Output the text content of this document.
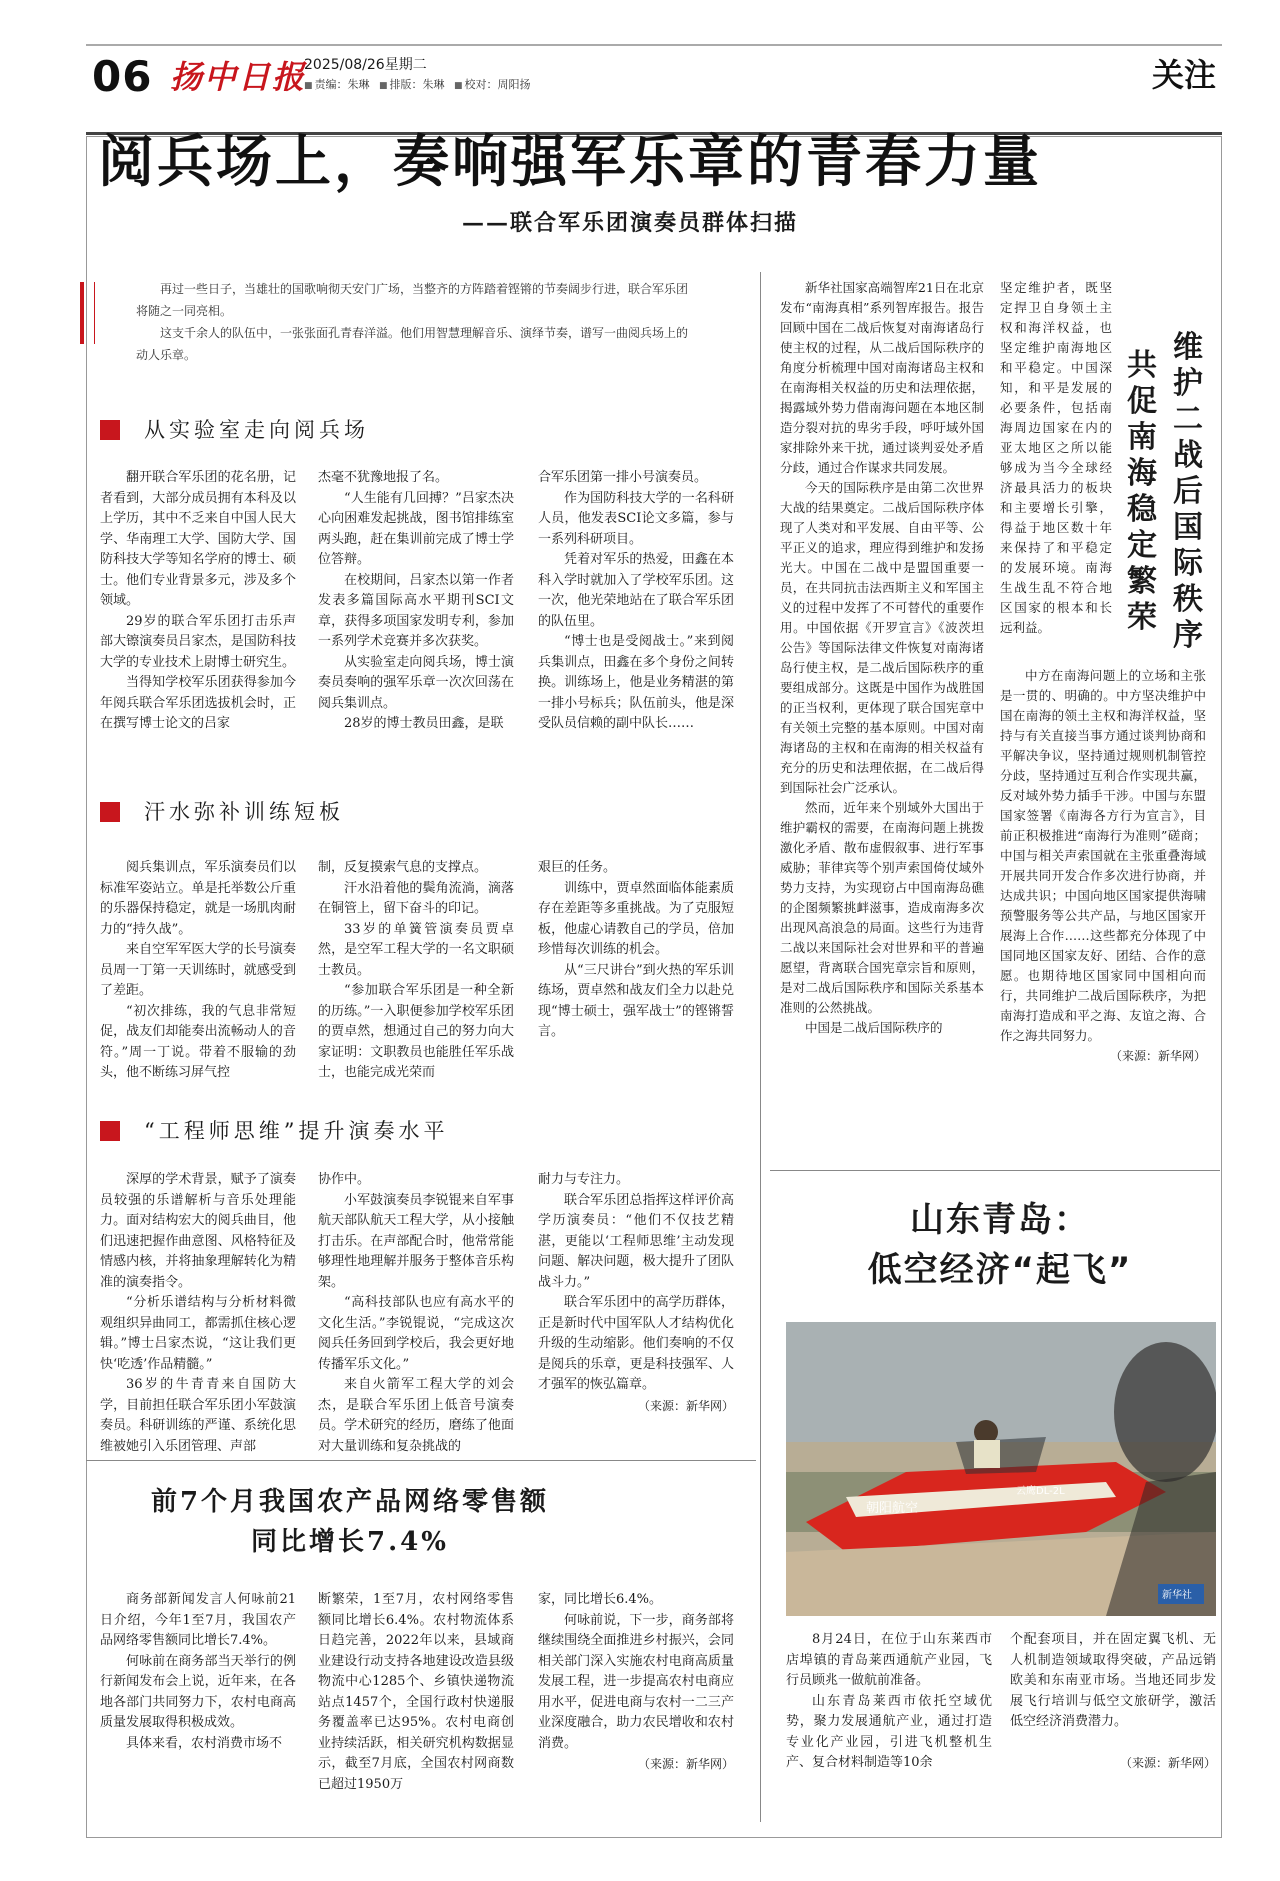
06 扬中日报
2025/08/26星期二
■ 责编：朱琳 ■ 排版：朱琳 ■ 校对：周阳扬	关注
阅兵场上，奏响强军乐章的青春力量
——联合军乐团演奏员群体扫描

再过一些日子，当雄壮的国歌响彻天安门广场，当整齐的方阵踏着铿锵的节奏阔步行进，联合军乐团将随之一同亮相。

这支千余人的队伍中，一张张面孔青春洋溢。他们用智慧理解音乐、演绎节奏，谱写一曲阅兵场上的动人乐章。

从实验室走向阅兵场

翻开联合军乐团的花名册，记者看到，大部分成员拥有本科及以上学历，其中不乏来自中国人民大学、华南理工大学、国防大学、国防科技大学等知名学府的博士、硕士。他们专业背景多元，涉及多个领域。

29岁的联合军乐团打击乐声部大镲演奏员吕家杰，是国防科技大学的专业技术上尉博士研究生。

当得知学校军乐团获得参加今年阅兵联合军乐团选拔机会时，正在撰写博士论文的吕家

杰毫不犹豫地报了名。

“人生能有几回搏？”吕家杰决心向困难发起挑战，图书馆排练室两头跑，赶在集训前完成了博士学位答辩。

在校期间，吕家杰以第一作者发表多篇国际高水平期刊SCI文章，获得多项国家发明专利，参加一系列学术竞赛并多次获奖。

从实验室走向阅兵场，博士演奏员奏响的强军乐章一次次回荡在阅兵集训点。

28岁的博士教员田鑫，是联

合军乐团第一排小号演奏员。

作为国防科技大学的一名科研人员，他发表SCI论文多篇，参与一系列科研项目。

凭着对军乐的热爱，田鑫在本科入学时就加入了学校军乐团。这一次，他光荣地站在了联合军乐团的队伍里。

“博士也是受阅战士。”来到阅兵集训点，田鑫在多个身份之间转换。训练场上，他是业务精湛的第一排小号标兵；队伍前头，他是深受队员信赖的副中队长……

汗水弥补训练短板

阅兵集训点，军乐演奏员们以标准军姿站立。单是托举数公斤重的乐器保持稳定，就是一场肌肉耐力的“持久战”。

来自空军军医大学的长号演奏员周一丁第一天训练时，就感受到了差距。

“初次排练，我的气息非常短促，战友们却能奏出流畅动人的音符。”周一丁说。带着不服输的劲头，他不断练习屏气控

制，反复摸索气息的支撑点。

汗水沿着他的鬓角流淌，滴落在铜管上，留下奋斗的印记。

33岁的单簧管演奏员贾卓然，是空军工程大学的一名文职硕士教员。

“参加联合军乐团是一种全新的历练。”一入职便参加学校军乐团的贾卓然，想通过自己的努力向大家证明：文职教员也能胜任军乐战士，也能完成光荣而

艰巨的任务。

训练中，贾卓然面临体能素质存在差距等多重挑战。为了克服短板，他虚心请教自己的学员，倍加珍惜每次训练的机会。

从“三尺讲台”到火热的军乐训练场，贾卓然和战友们全力以赴兑现“博士硕士，强军战士”的铿锵誓言。

“工程师思维”提升演奏水平

深厚的学术背景，赋予了演奏员较强的乐谱解析与音乐处理能力。面对结构宏大的阅兵曲目，他们迅速把握作曲意图、风格特征及情感内核，并将抽象理解转化为精准的演奏指令。

“分析乐谱结构与分析材料微观组织异曲同工，都需抓住核心逻辑。”博士吕家杰说，“这让我们更快‘吃透’作品精髓。”

36岁的牛青青来自国防大学，目前担任联合军乐团小军鼓演奏员。科研训练的严谨、系统化思维被她引入乐团管理、声部

协作中。

小军鼓演奏员李锐锟来自军事航天部队航天工程大学，从小接触打击乐。在声部配合时，他常常能够理性地理解并服务于整体音乐构架。

“高科技部队也应有高水平的文化生活。”李锐锟说，“完成这次阅兵任务回到学校后，我会更好地传播军乐文化。”

来自火箭军工程大学的刘会杰，是联合军乐团上低音号演奏员。学术研究的经历，磨练了他面对大量训练和复杂挑战的

耐力与专注力。

联合军乐团总指挥这样评价高学历演奏员：“他们不仅技艺精湛，更能以‘工程师思维’主动发现问题、解决问题，极大提升了团队战斗力。”

联合军乐团中的高学历群体，正是新时代中国军队人才结构优化升级的生动缩影。他们奏响的不仅是阅兵的乐章，更是科技强军、人才强军的恢弘篇章。

（来源：新华网）
前7个月我国农产品网络零售额
同比增长7.4%

商务部新闻发言人何咏前21日介绍，今年1至7月，我国农产品网络零售额同比增长7.4%。

何咏前在商务部当天举行的例行新闻发布会上说，近年来，在各地各部门共同努力下，农村电商高质量发展取得积极成效。

具体来看，农村消费市场不

断繁荣，1至7月，农村网络零售额同比增长6.4%。农村物流体系日趋完善，2022年以来，县域商业建设行动支持各地建设改造县级物流中心1285个、乡镇快递物流站点1457个，全国行政村快递服务覆盖率已达95%。农村电商创业持续活跃，相关研究机构数据显示，截至7月底，全国农村网商数已超过1950万

家，同比增长6.4%。

何咏前说，下一步，商务部将继续围绕全面推进乡村振兴，会同相关部门深入实施农村电商高质量发展工程，进一步提高农村电商应用水平，促进电商与农村一二三产业深度融合，助力农民增收和农村消费。

（来源：新华网）

新华社国家高端智库21日在北京发布“南海真相”系列智库报告。报告回顾中国在二战后恢复对南海诸岛行使主权的过程，从二战后国际秩序的角度分析梳理中国对南海诸岛主权和在南海相关权益的历史和法理依据，揭露域外势力借南海问题在本地区制造分裂对抗的卑劣手段，呼吁域外国家排除外来干扰，通过谈判妥处矛盾分歧，通过合作谋求共同发展。

今天的国际秩序是由第二次世界大战的结果奠定。二战后国际秩序体现了人类对和平发展、自由平等、公平正义的追求，理应得到维护和发扬光大。中国在二战中是盟国重要一员，在共同抗击法西斯主义和军国主义的过程中发挥了不可替代的重要作用。中国依据《开罗宣言》《波茨坦公告》等国际法律文件恢复对南海诸岛行使主权，是二战后国际秩序的重要组成部分。这既是中国作为战胜国的正当权利，更体现了联合国宪章中有关领土完整的基本原则。中国对南海诸岛的主权和在南海的相关权益有充分的历史和法理依据，在二战后得到国际社会广泛承认。

然而，近年来个别域外大国出于维护霸权的需要，在南海问题上挑拨激化矛盾、散布虚假叙事、进行军事威胁；菲律宾等个别声索国倚仗域外势力支持，为实现窃占中国南海岛礁的企图频繁挑衅滋事，造成南海多次出现风高浪急的局面。这些行为违背二战以来国际社会对世界和平的普遍愿望，背离联合国宪章宗旨和原则，是对二战后国际秩序和国际关系基本准则的公然挑战。

中国是二战后国际秩序的

坚定维护者，既坚定捍卫自身领土主权和海洋权益，也坚定维护南海地区和平稳定。中国深知，和平是发展的必要条件，包括南海周边国家在内的亚太地区之所以能够成为当今全球经济最具活力的板块和主要增长引擎，得益于地区数十年来保持了和平稳定的发展环境。南海生战生乱不符合地区国家的根本和长远利益。

共促南海稳定繁荣
维护二战后国际秩序

中方在南海问题上的立场和主张是一贯的、明确的。中方坚决维护中国在南海的领土主权和海洋权益，坚持与有关直接当事方通过谈判协商和平解决争议，坚持通过规则机制管控分歧，坚持通过互利合作实现共赢，反对域外势力插手干涉。中国与东盟国家签署《南海各方行为宣言》，目前正积极推进“南海行为准则”磋商；中国与相关声索国就在主张重叠海域开展共同开发合作多次进行协商，并达成共识；中国向地区国家提供海啸预警服务等公共产品，与地区国家开展海上合作……这些都充分体现了中国同地区国家友好、团结、合作的意愿。也期待地区国家同中国相向而行，共同维护二战后国际秩序，为把南海打造成和平之海、友谊之海、合作之海共同努力。

（来源：新华网）
山东青岛：
低空经济“起飞”
朝阳航空
云鹰DL-2L
新华社

8月24日，在位于山东莱西市店埠镇的青岛莱西通航产业园，飞行员顾兆一做航前准备。

山东青岛莱西市依托空域优势，聚力发展通航产业，通过打造专业化产业园，引进飞机整机生产、复合材料制造等10余

个配套项目，并在固定翼飞机、无人机制造领域取得突破，产品远销欧美和东南亚市场。当地还同步发展飞行培训与低空文旅研学，激活低空经济消费潜力。

（来源：新华网）
